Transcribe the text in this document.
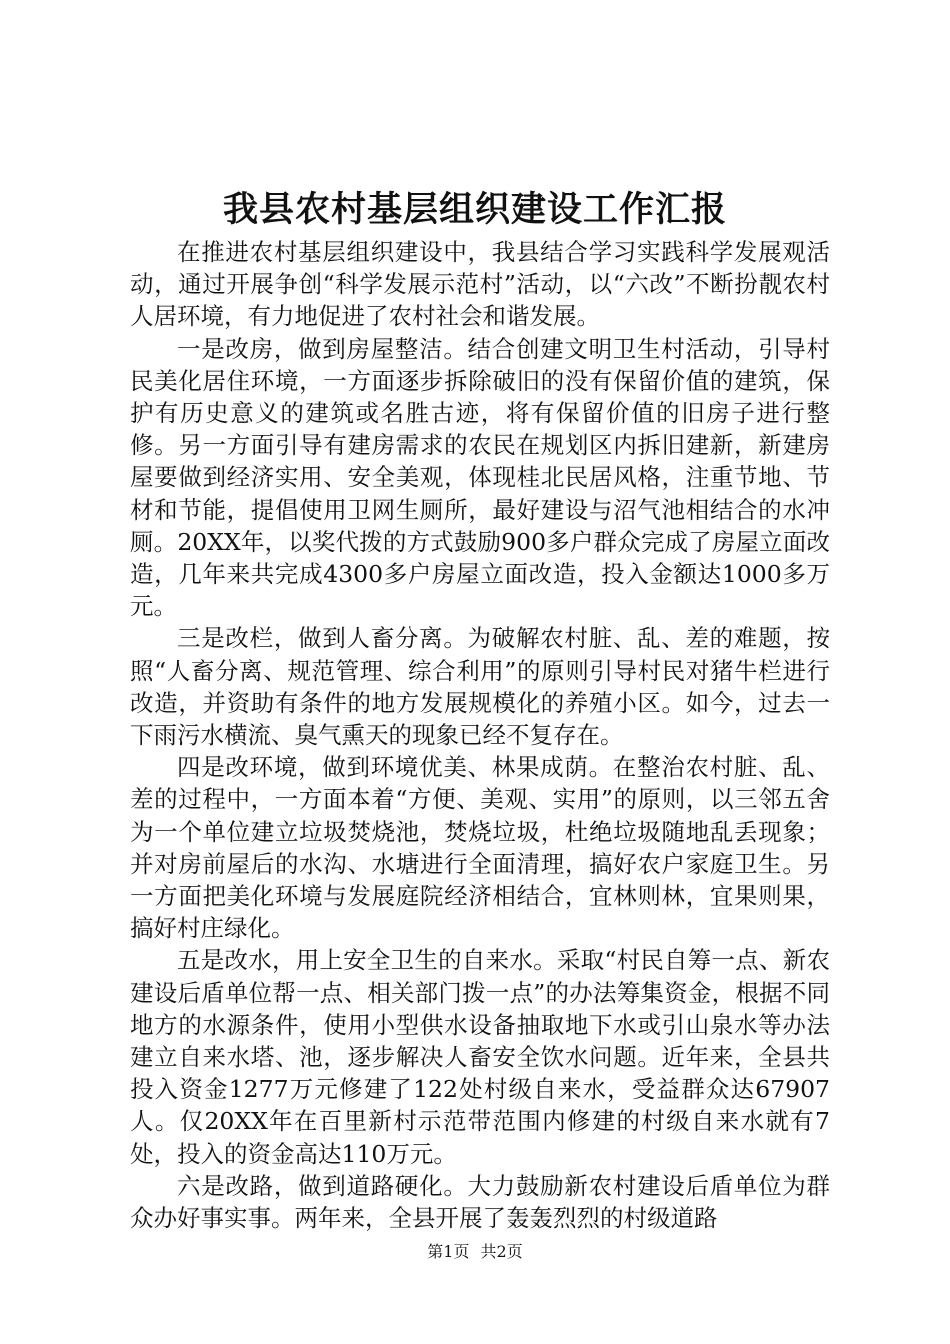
我县农村基层组织建设工作汇报

在推进农村基层组织建设中，我县结合学习实践科学发展观活动，通过开展争创“科学发展示范村”活动，以“六改”不断扮靓农村人居环境，有力地促进了农村社会和谐发展。

一是改房，做到房屋整洁。结合创建文明卫生村活动，引导村民美化居住环境，一方面逐步拆除破旧的没有保留价值的建筑，保护有历史意义的建筑或名胜古迹，将有保留价值的旧房子进行整修。另一方面引导有建房需求的农民在规划区内拆旧建新，新建房屋要做到经济实用、安全美观，体现桂北民居风格，注重节地、节材和节能，提倡使用卫网生厕所，最好建设与沼气池相结合的水冲厕。20XX年，以奖代拨的方式鼓励900多户群众完成了房屋立面改造，几年来共完成4300多户房屋立面改造，投入金额达1000多万元。

三是改栏，做到人畜分离。为破解农村脏、乱、差的难题，按照“人畜分离、规范管理、综合利用”的原则引导村民对猪牛栏进行改造，并资助有条件的地方发展规模化的养殖小区。如今，过去一下雨污水横流、臭气熏天的现象已经不复存在。

四是改环境，做到环境优美、林果成荫。在整治农村脏、乱、差的过程中，一方面本着“方便、美观、实用”的原则，以三邻五舍为一个单位建立垃圾焚烧池，焚烧垃圾，杜绝垃圾随地乱丢现象；并对房前屋后的水沟、水塘进行全面清理，搞好农户家庭卫生。另一方面把美化环境与发展庭院经济相结合，宜林则林，宜果则果，搞好村庄绿化。

五是改水，用上安全卫生的自来水。采取“村民自筹一点、新农建设后盾单位帮一点、相关部门拨一点”的办法筹集资金，根据不同地方的水源条件，使用小型供水设备抽取地下水或引山泉水等办法建立自来水塔、池，逐步解决人畜安全饮水问题。近年来，全县共投入资金1277万元修建了122处村级自来水，受益群众达67907人。仅20XX年在百里新村示范带范围内修建的村级自来水就有7处，投入的资金高达110万元。

六是改路，做到道路硬化。大力鼓励新农村建设后盾单位为群众办好事实事。两年来，全县开展了轰轰烈烈的村级道路

第1页 共2页
